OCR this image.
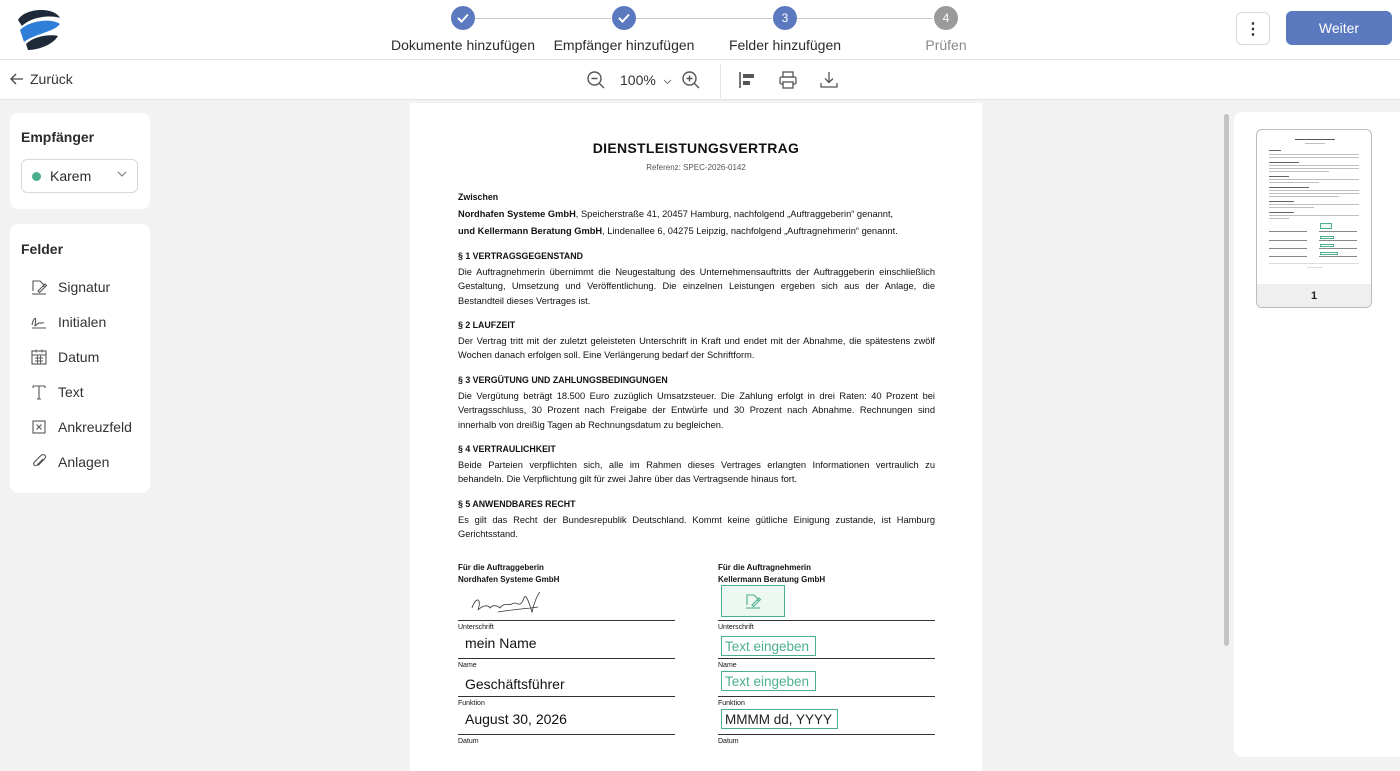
Dokumente hinzufügen	Empfänger hinzufügen
3
Felder hinzufügen
4
Prüfen
⋮	Weiter
Zurück	100%
Empfänger
Karem
Felder
Signatur
Initialen
Datum
Text
Ankreuzfeld
Anlagen
DIENSTLEISTUNGSVERTRAG
Referenz: SPEC-2026-0142
Zwischen
Nordhafen Systeme GmbH, Speicherstraße 41, 20457 Hamburg, nachfolgend „Auftraggeberin“ genannt,
und Kellermann Beratung GmbH, Lindenallee 6, 04275 Leipzig, nachfolgend „Auftragnehmerin“ genannt.
§ 1 VERTRAGSGEGENSTAND
Die Auftragnehmerin übernimmt die Neugestaltung des Unternehmensauftritts der Auftraggeberin einschließlich Gestaltung, Umsetzung und Veröffentlichung. Die einzelnen Leistungen ergeben sich aus der Anlage, die Bestandteil dieses Vertrages ist.
§ 2 LAUFZEIT
Der Vertrag tritt mit der zuletzt geleisteten Unterschrift in Kraft und endet mit der Abnahme, die spätestens zwölf Wochen danach erfolgen soll. Eine Verlängerung bedarf der Schriftform.
§ 3 VERGÜTUNG UND ZAHLUNGSBEDINGUNGEN
Die Vergütung beträgt 18.500 Euro zuzüglich Umsatzsteuer. Die Zahlung erfolgt in drei Raten: 40 Prozent bei Vertragsschluss, 30 Prozent nach Freigabe der Entwürfe und 30 Prozent nach Abnahme. Rechnungen sind innerhalb von dreißig Tagen ab Rechnungsdatum zu begleichen.
§ 4 VERTRAULICHKEIT
Beide Parteien verpflichten sich, alle im Rahmen dieses Vertrages erlangten Informationen vertraulich zu behandeln. Die Verpflichtung gilt für zwei Jahre über das Vertragsende hinaus fort.
§ 5 ANWENDBARES RECHT
Es gilt das Recht der Bundesrepublik Deutschland. Kommt keine gütliche Einigung zustande, ist Hamburg Gerichtsstand.
Für die Auftraggeberin
Nordhafen Systeme GmbH
Unterschrift
mein Name
Name
Geschäftsführer
Funktion
August 30, 2026
Datum
Für die Auftragnehmerin
Kellermann Beratung GmbH
Unterschrift
Text eingeben
Name
Text eingeben
Funktion
MMMM dd, YYYY
Datum
1
